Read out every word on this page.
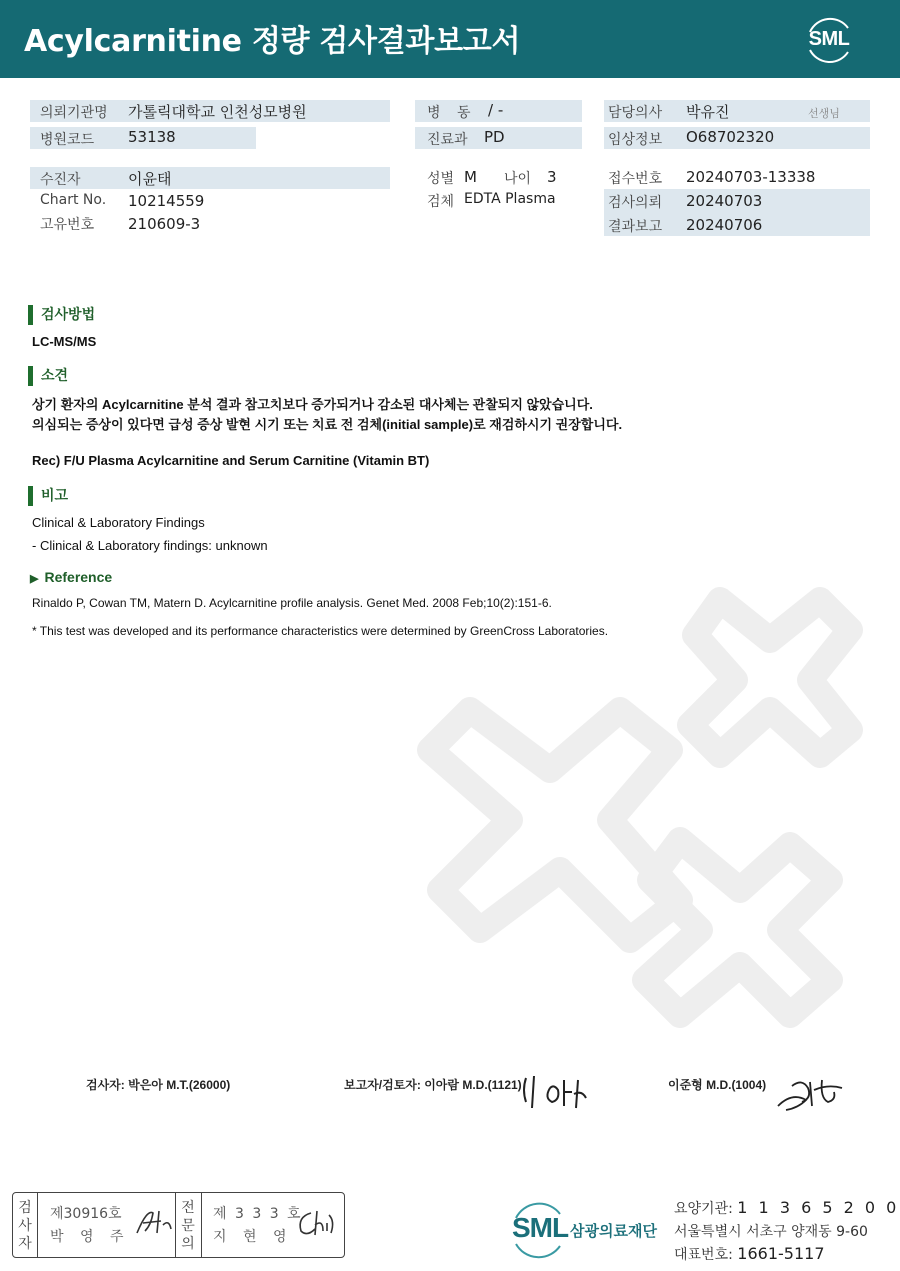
Acylcarnitine 정량 검사결과보고서	SML
의뢰기관명 가톨릭대학교 인천성모병원	병 동 / -	담당의사 박유진	선생님
병원코드 53138	진료과 PD	임상정보 O68702320
수진자	이윤태	성별 M 나이 3	접수번호 20240703-13338
Chart No. 10214559	검체 EDTA Plasma	검사의뢰 20240703
고유번호 210609-3	결과보고 20240706
검사방법
LC-MS/MS
소견
상기 환자의 Acylcarnitine 분석 결과 참고치보다 증가되거나 감소된 대사체는 관찰되지 않았습니다.
의심되는 증상이 있다면 급성 증상 발현 시기 또는 치료 전 검체(initial sample)로 재검하시기 권장합니다.
Rec) F/U Plasma Acylcarnitine and Serum Carnitine (Vitamin BT)
비고
Clinical & Laboratory Findings
- Clinical & Laboratory findings: unknown
▶ Reference
Rinaldo P, Cowan TM, Matern D. Acylcarnitine profile analysis. Genet Med. 2008 Feb;10(2):151-6.
* This test was developed and its performance characteristics were determined by GreenCross Laboratories.
검사자: 박은아 M.T.(26000)	보고자/검토자: 이아람 M.D.(1121)	이준형 M.D.(1004)
검사자
제30916호
박 영 주
전문의
제 3 3 3 호
지 현 영	SML 삼광의료재단
요양기관: 1 1 3 6 5 2 0 0
서울특별시 서초구 양재동 9-60
대표번호: 1661-5117
